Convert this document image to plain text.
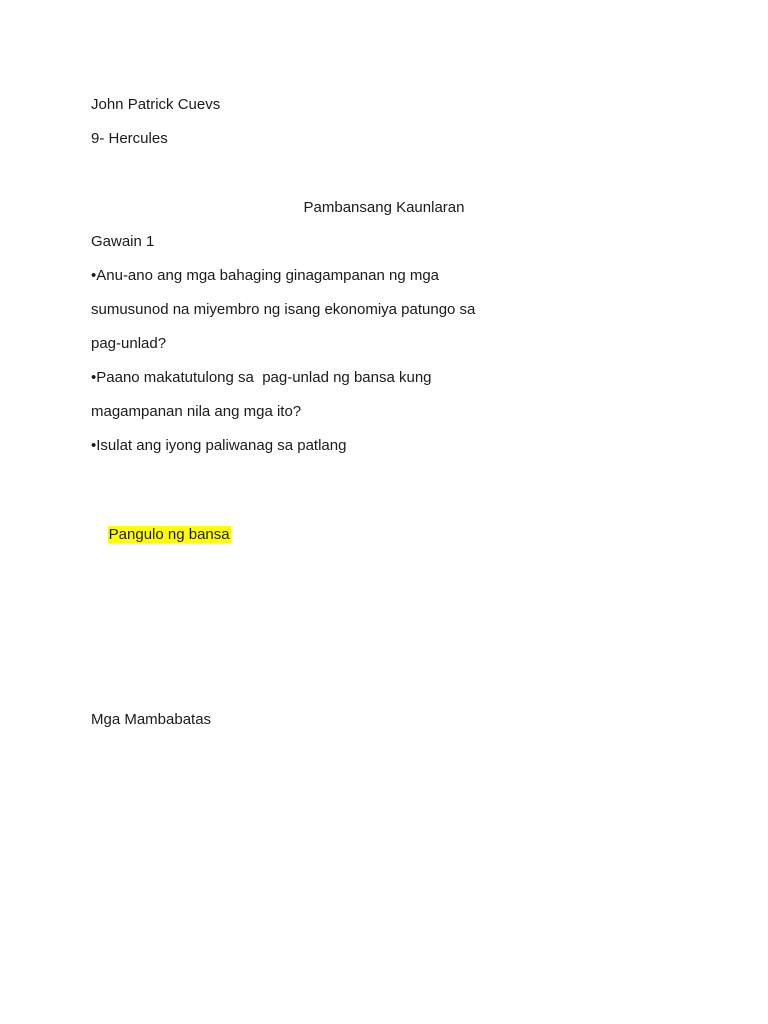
John Patrick Cuevs
9- Hercules
Pambansang Kaunlaran
Gawain 1
•Anu-ano ang mga bahaging ginagampanan ng mga
sumusunod na miyembro ng isang ekonomiya patungo sa
pag-unlad?
•Paano makatutulong sa  pag-unlad ng bansa kung
magampanan nila ang mga ito?
•Isulat ang iyong paliwanag sa patlang

Pangulo ng bansa

Mga Mambabatas
